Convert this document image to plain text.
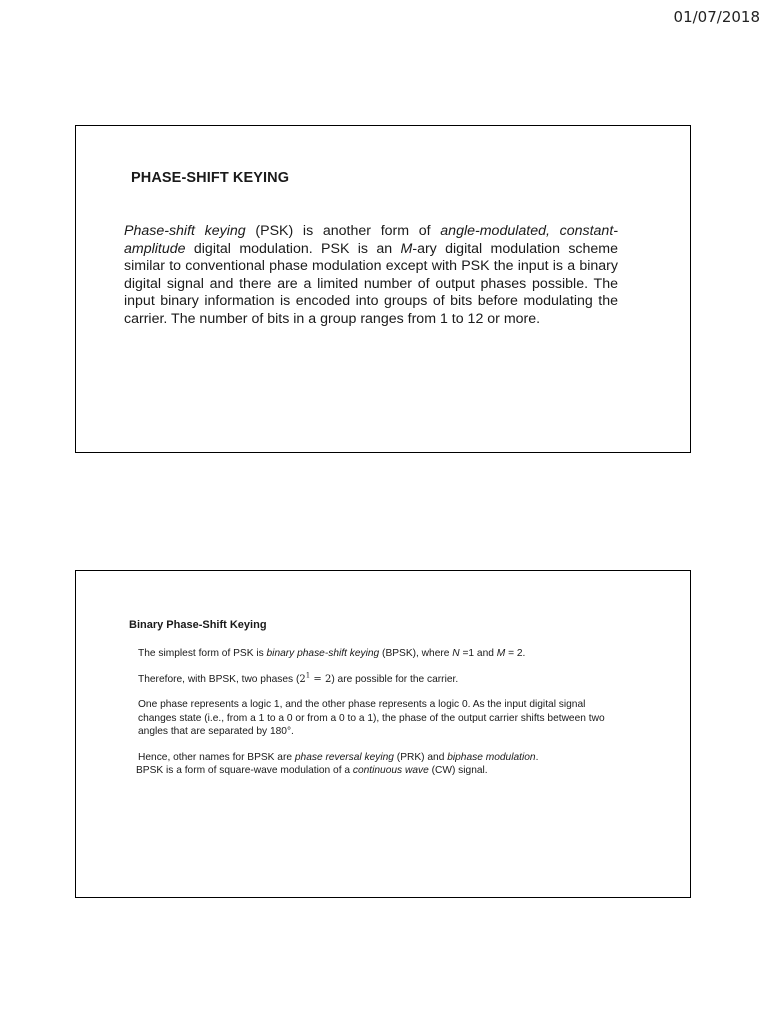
01/07/2018
PHASE-SHIFT KEYING
Phase-shift keying (PSK) is another form of angle-modulated, constant-amplitude digital modulation. PSK is an M-ary digital modulation scheme similar to conventional phase modulation except with PSK the input is a binary digital signal and there are a limited number of output phases possible. The input binary information is encoded into groups of bits before modulating the carrier. The number of bits in a group ranges from 1 to 12 or more.
Binary Phase-Shift Keying

The simplest form of PSK is binary phase-shift keying (BPSK), where N =1 and M = 2.

Therefore, with BPSK, two phases $(2^1 = 2)$ are possible for the carrier.

One phase represents a logic 1, and the other phase represents a logic 0. As the input digital signal changes state (i.e., from a 1 to a 0 or from a 0 to a 1), the phase of the output carrier shifts between two angles that are separated by 180°.

Hence, other names for BPSK are phase reversal keying (PRK) and biphase modulation.

BPSK is a form of square-wave modulation of a continuous wave (CW) signal.
